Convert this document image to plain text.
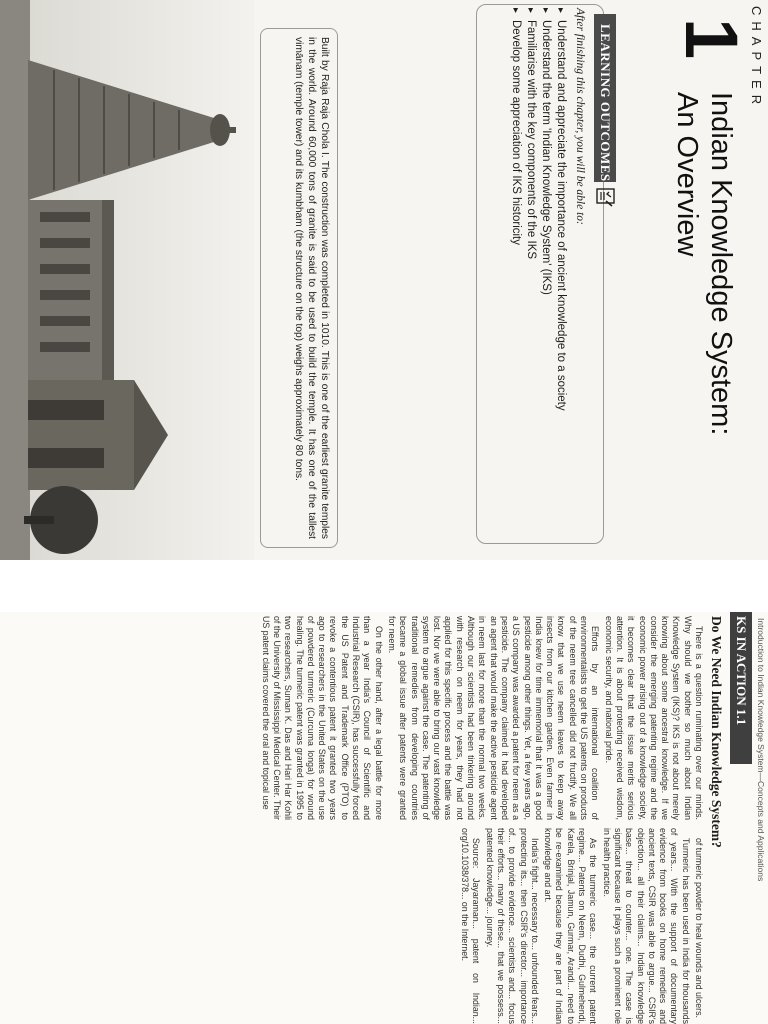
CHAPTER
1
Indian Knowledge System:
An Overview
LEARNING OUTCOMES
After finishing this chapter, you will be able to:
▸ Understand and appreciate the importance of ancient knowledge to a society
▸ Understand the term 'Indian Knowledge System' (IKS)
▸ Familiarise with the key components of the IKS
▸ Develop some appreciation of IKS historicity
Built by Raja Raja Chola I. The construction was completed in 1010. This is one of the earliest granite temples in the world. Around 60,000 tons of granite is said to be used to build the temple. It has one of the tallest vimānam (temple tower) and its kumbham (the structure on the top) weighs approximately 80 tons.
Introduction to Indian Knowledge System—Concepts and Applications
KS IN ACTION 1.1
Do We Need Indian Knowledge System?

There is a question ruminating over our minds. Why should we bother so much about Indian Knowledge System (IKS)? IKS is not about merely knowing about some ancestral knowledge. If we consider the emerging patenting regime and the economic power arising out of a knowledge society, it becomes clear that the issue merits serious attention. It is about protecting received wisdom, economic security, and national pride.

Efforts by an international coalition of environmentalists to get the US patents on products of the neem tree cancelled did not fructify. We all know that we use neem leaves to keep away insects from our kitchen garden. Even farmer in India knew for time immemorial that it was a good pesticide among other things. Yet, a few years ago, a US company was awarded a patent for neem as a pesticide. The company claimed it had developed an agent that would make the active pesticide agent in neem last for more than the normal two weeks. Although our scientists had been tinkering around with research on neem for years, they had not applied for this specific process and the battle was lost. Nor we were able to bring our vast knowledge system to argue against the case. The patenting of traditional remedies from developing countries became a global issue after patents were granted for neem.

On the other hand, after a legal battle for more than a year India's Council of Scientific and Industrial Research (CSIR), has successfully forced the US Patent and Trademark Office (PTO) to revoke a contentious patent it granted two years ago to researchers in the United States on the use of powdered turmeric (Curcuma longa) for wound healing. The turmeric patent was granted in 1995 to two researchers, Suman K. Das and Hari Har Kohli of the University of Mississippi Medical Center. Their US patent claims covered the oral and topical use

of turmeric powder to heal wounds and ulcers.

Turmeric has been used in India for thousands of years... With the support of documentary evidence from books on home remedies and ancient texts, CSIR was able to argue... CSIR's objection... all their claims... Indian knowledge base... threat to counter... one. The case is significant because it plays such a prominent role in health practice.

As the turmeric case... the current patent regime... Patents on Neem, Dudhi, Gulmehendi, Karela, Brinjal, Jamun, Gurmar, Arandi... need to be re-examined because they are part of Indian knowledge and art.

India's fight... necessary to... unfounded fears... protecting its... then CSIR's director... importance of... to provide evidence... scientists and... focus their efforts... many of these... that we possess... patented knowledge... journey.

Source: Jayaraman... patent on Indian... org/10.1038/378... on the Internet.
